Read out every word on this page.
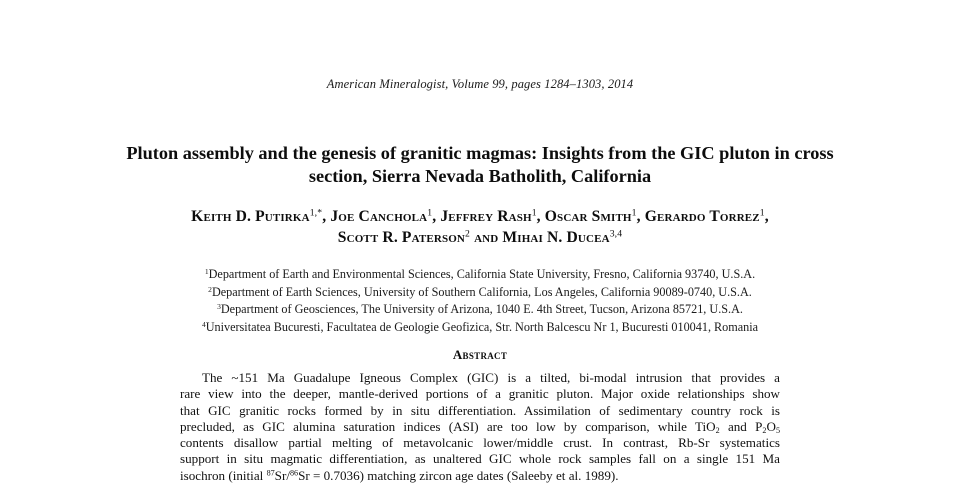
American Mineralogist, Volume 99, pages 1284–1303, 2014
Pluton assembly and the genesis of granitic magmas: Insights from the GIC pluton in cross
section, Sierra Nevada Batholith, California
Keith D. Putirka$^{1,*}$, Joe Canchola$^1$, Jeffrey Rash$^1$, Oscar Smith$^1$, Gerardo Torrez$^1$,
Scott R. Paterson$^2$ and Mihai N. Ducea$^{3,4}$
$^1$Department of Earth and Environmental Sciences, California State University, Fresno, California 93740, U.S.A.
$^2$Department of Earth Sciences, University of Southern California, Los Angeles, California 90089-0740, U.S.A.
$^3$Department of Geosciences, The University of Arizona, 1040 E. 4th Street, Tucson, Arizona 85721, U.S.A.
$^4$Universitatea Bucuresti, Facultatea de Geologie Geofizica, Str. North Balcescu Nr 1, Bucuresti 010041, Romania
Abstract
The ~151 Ma Guadalupe Igneous Complex (GIC) is a tilted, bi-modal intrusion that provides a
rare view into the deeper, mantle-derived portions of a granitic pluton. Major oxide relationships show
that GIC granitic rocks formed by in situ differentiation. Assimilation of sedimentary country rock is
precluded, as GIC alumina saturation indices (ASI) are too low by comparison, while TiO$_2$ and $P_2O_5$
contents disallow partial melting of metavolcanic lower/middle crust. In contrast, Rb-Sr systematics
support in situ magmatic differentiation, as unaltered GIC whole rock samples fall on a single 151 Ma
isochron (initial $^{87}$Sr/$^{86}$Sr = 0.7036) matching zircon age dates (Saleeby et al. 1989).
